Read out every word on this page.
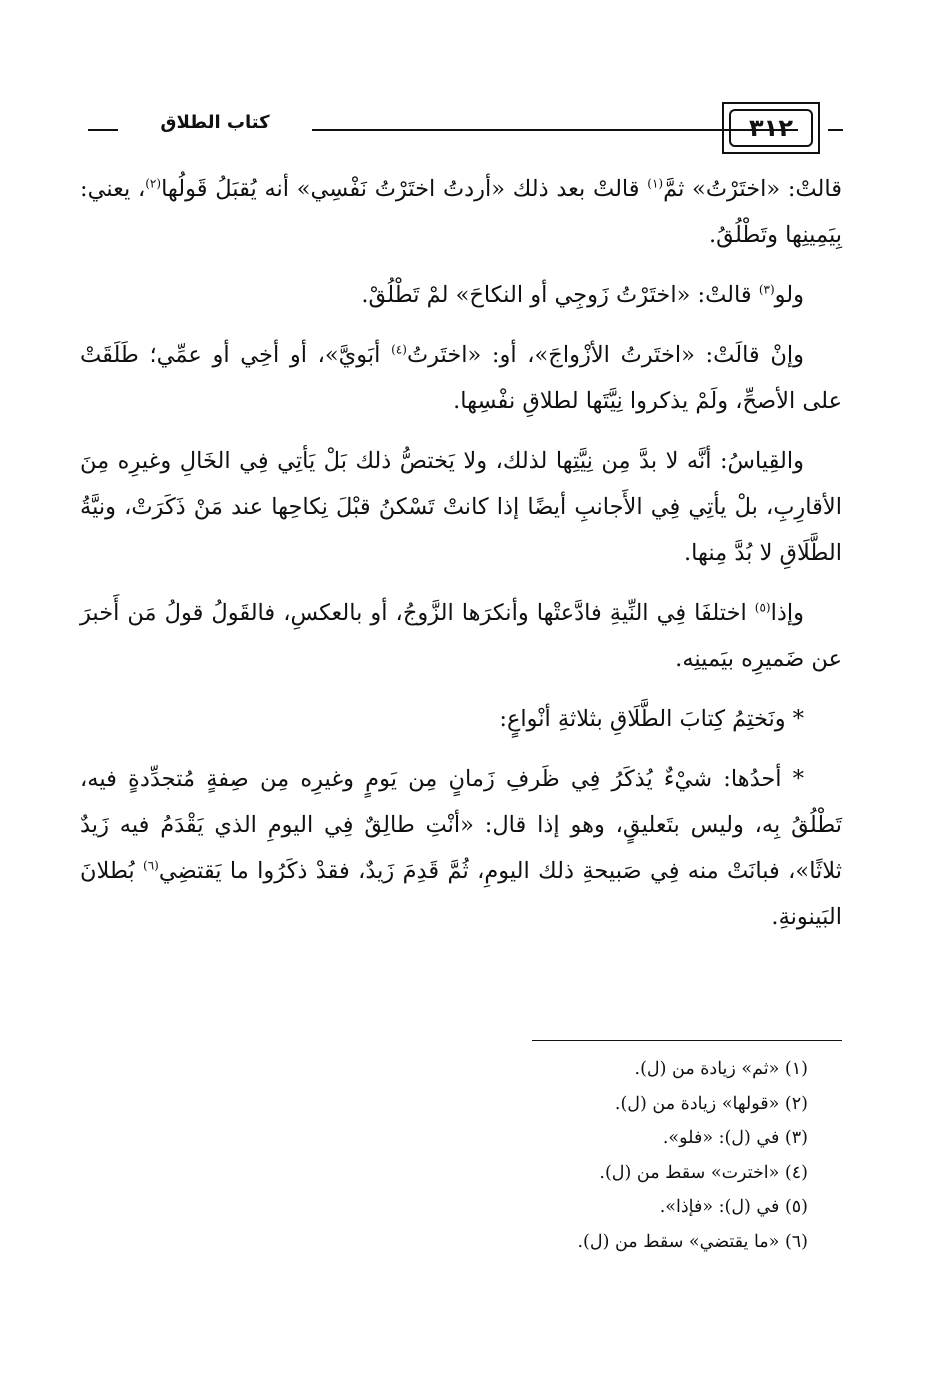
كتاب الطلاق	٣١٢

قالتْ: «اختَرْتُ» ثمَّ$^{(١)}$ قالتْ بعد ذلك «أردتُ اختَرْتُ نَفْسِي» أنه يُقبَلُ قَولُها$^{(٢)}$، يعني: بِيَمِينِها وتَطْلُقُ.

ولو$^{(٣)}$ قالتْ: «اختَرْتُ زَوجِي أو النكاحَ» لمْ تَطْلُقْ.

وإنْ قالَتْ: «اختَرتُ الأزْواجَ»، أو: «اختَرتُ$^{(٤)}$ أبَويَّ»، أو أخِي أو عمِّي؛ طَلَقَتْ على الأصحِّ، ولَمْ يذكروا نِيَّتَها لطلاقِ نفْسِها.

والقِياسُ: أنَّه لا بدَّ مِن نِيَّتِها لذلك، ولا يَختصُّ ذلك بَلْ يَأتِي فِي الخَالِ وغيرِه مِنَ الأقارِبِ، بلْ يأتِي فِي الأَجانبِ أيضًا إذا كانتْ تَسْكنُ قبْلَ نِكاحِها عند مَنْ ذَكَرَتْ، ونيَّةُ الطَّلَاقِ لا بُدَّ مِنها.

وإذا$^{(٥)}$ اختلفَا فِي النِّيةِ فادَّعتْها وأنكرَها الزَّوجُ، أو بالعكسِ، فالقَولُ قولُ مَن أَخبرَ عن ضَميرِه بيَمينِه.

* ونَختِمُ كِتابَ الطَّلَاقِ بثلاثةِ أنْواعٍ:

* أحدُها: شيْءٌ يُذكَرُ فِي ظَرفِ زَمانٍ مِن يَومٍ وغيرِه مِن صِفةٍ مُتجدِّدةٍ فيه، تَطْلُقُ بِه، وليس بتَعليقٍ، وهو إذا قال: «أنْتِ طالِقٌ فِي اليومِ الذي يَقْدَمُ فيه زَيدٌ ثلاثًا»، فبانَتْ منه فِي صَبيحةِ ذلك اليومِ، ثُمَّ قَدِمَ زَيدٌ، فقدْ ذكَرُوا ما يَقتضِي$^{(٦)}$ بُطلانَ البَينونةِ.

(١) «ثم» زيادة من (ل).
(٢) «قولها» زيادة من (ل).
(٣) في (ل): «فلو».
(٤) «اخترت» سقط من (ل).
(٥) في (ل): «فإذا».
(٦) «ما يقتضي» سقط من (ل).
